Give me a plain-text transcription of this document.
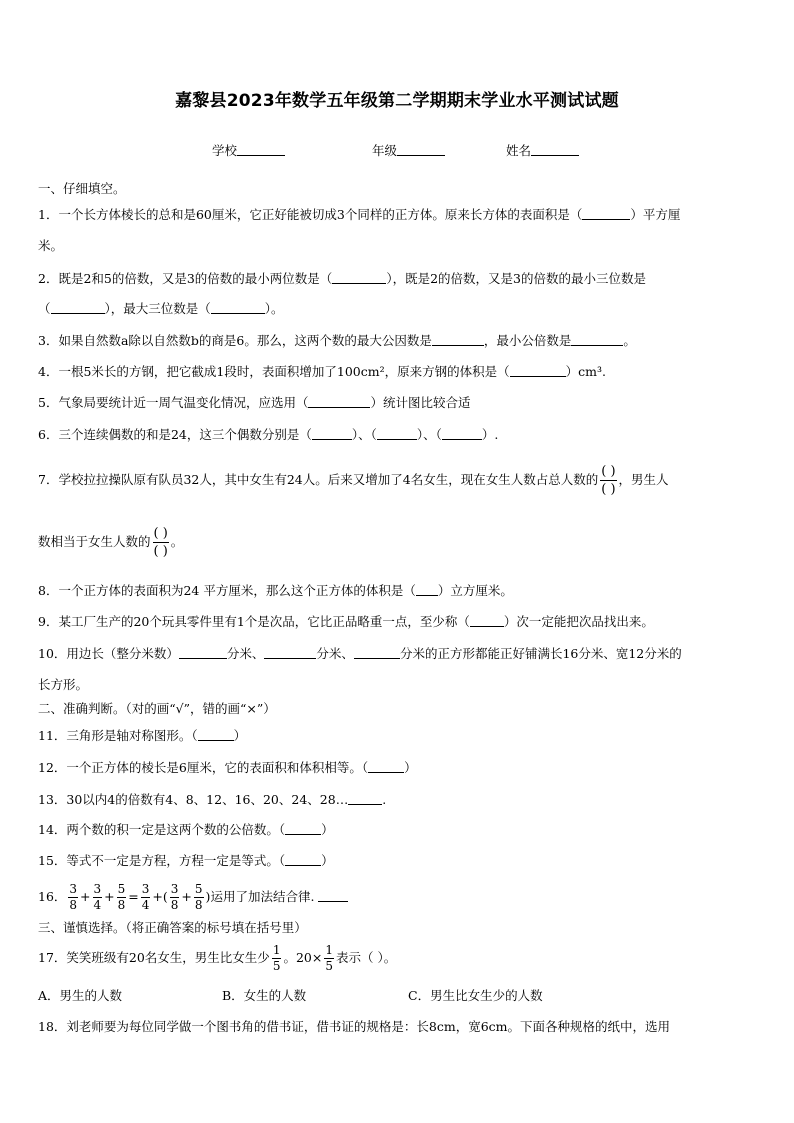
嘉黎县2023年数学五年级第二学期期末学业水平测试试题
学校	年级	姓名
一、仔细填空。
1．一个长方体棱长的总和是60厘米，它正好能被切成3个同样的正方体。原来长方体的表面积是（	）平方厘
米。
2．既是2和5的倍数，又是3的倍数的最小两位数是（	），既是2的倍数，又是3的倍数的最小三位数是
（	），最大三位数是（	）。
3．如果自然数a除以自然数b的商是6。那么，这两个数的最大公因数是	，最小公倍数是	。
4．一根5米长的方钢，把它截成1段时，表面积增加了100cm²，原来方钢的体积是（	）cm³.
5．气象局要统计近一周气温变化情况，应选用（	）统计图比较合适
6．三个连续偶数的和是24，这三个偶数分别是（	）、（	）、（	）.
7．学校拉拉操队原有队员32人，其中女生有24人。后来又增加了4名女生，现在女生人数占总人数的 $\frac{( )}{( )}$ ，男生人
数相当于女生人数的 $\frac{( )}{( )}$ 。
8．一个正方体的表面积为24 平方厘米，那么这个正方体的体积是（ ）立方厘米。
9．某工厂生产的20个玩具零件里有1个是次品，它比正品略重一点，至少称（	）次一定能把次品找出来。
10．用边长（整分米数）	分米、	分米、	分米的正方形都能正好铺满长16分米、宽12分米的
长方形。
二、准确判断。（对的画“√”，错的画“×”）
11．三角形是轴对称图形。（	）
12．一个正方体的棱长是6厘米，它的表面积和体积相等。（	）
13．30以内4的倍数有4、8、12、16、20、24、28…	.
14．两个数的积一定是这两个数的公倍数。（	）
15．等式不一定是方程，方程一定是等式。（	）
16． $\frac{3}{8} + \frac{3}{4} + \frac{5}{8} = \frac{3}{4}$ +( $\frac{3}{8} + \frac{5}{8}$ )运用了加法结合律.
三、谨慎选择。（将正确答案的标号填在括号里）
17．笑笑班级有20名女生，男生比女生少 $\frac{1}{5}$ 。$20\times \frac{1}{5}$ 表示（ ）。
A．男生的人数	B．女生的人数	C．男生比女生少的人数
18．刘老师要为每位同学做一个图书角的借书证，借书证的规格是：长8cm，宽6cm。下面各种规格的纸中，选用
